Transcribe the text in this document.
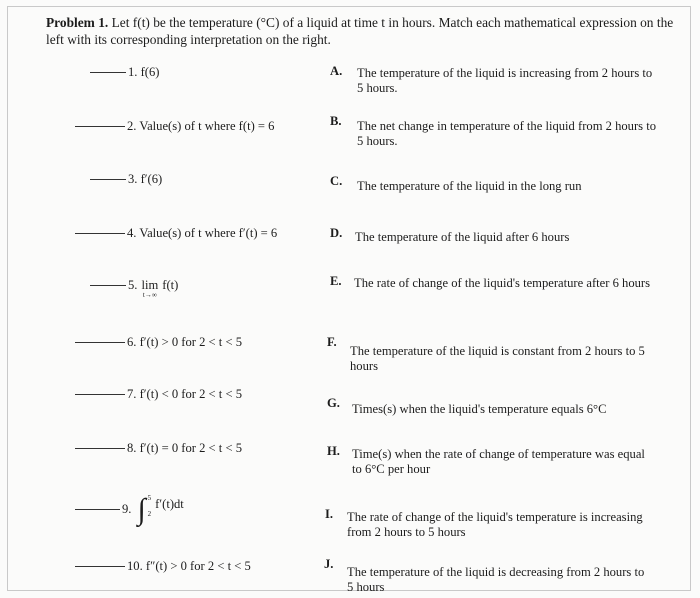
Problem 1. Let f(t) be the temperature (°C) of a liquid at time t in hours. Match each mathematical expression on the left with its corresponding interpretation on the right.
1. f(6)
2. Value(s) of t where f(t) = 6
3. f′(6)
4. Value(s) of t where f′(t) = 6
5. lim
t→∞
f(t)
6. f′(t) > 0 for 2 < t < 5
7. f′(t) < 0 for 2 < t < 5
8. f′(t) = 0 for 2 < t < 5
9. ∫ 5
2
f′(t)dt
10. f″(t) > 0 for 2 < t < 5
A. The temperature of the liquid is increasing from 2 hours to 5 hours.
B. The net change in temperature of the liquid from 2 hours to 5 hours.
C. The temperature of the liquid in the long run
D. The temperature of the liquid after 6 hours
E. The rate of change of the liquid's temperature after 6 hours
F.
The temperature of the liquid is constant from 2 hours to 5 hours
G. Times(s) when the liquid's temperature equals 6°C
H. Time(s) when the rate of change of temperature was equal to 6°C per hour
I. The rate of change of the liquid's temperature is increasing from 2 hours to 5 hours
J.
The temperature of the liquid is decreasing from 2 hours to 5 hours
